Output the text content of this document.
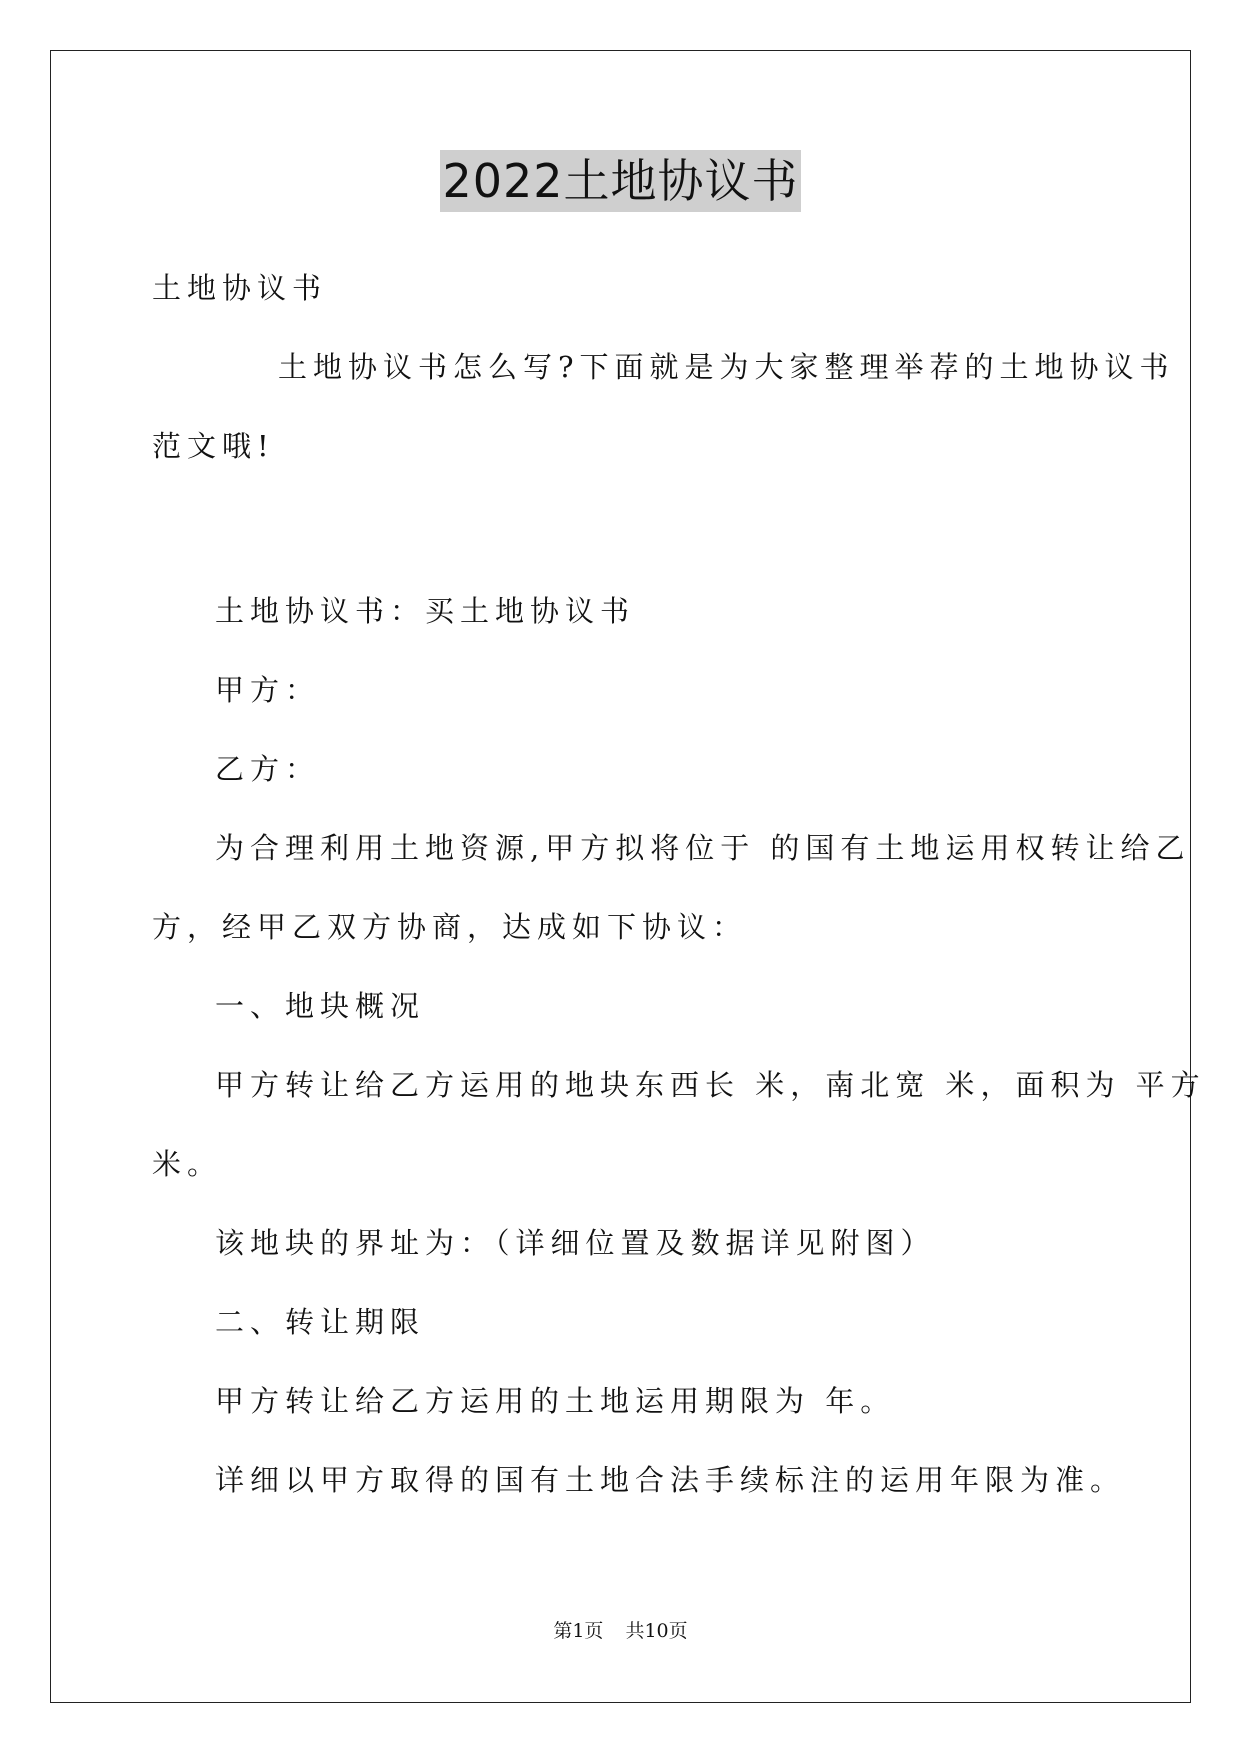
2022土地协议书
土地协议书
土地协议书怎么写?下面就是为大家整理举荐的土地协议书
范文哦!
土地协议书：买土地协议书
甲方：
乙方：
为合理利用土地资源,甲方拟将位于 的国有土地运用权转让给乙
方，经甲乙双方协商，达成如下协议：
一、地块概况
甲方转让给乙方运用的地块东西长 米，南北宽 米，面积为 平方
米。
该地块的界址为：（详细位置及数据详见附图）
二、转让期限
甲方转让给乙方运用的土地运用期限为 年。
详细以甲方取得的国有土地合法手续标注的运用年限为准。
第1页 共10页
